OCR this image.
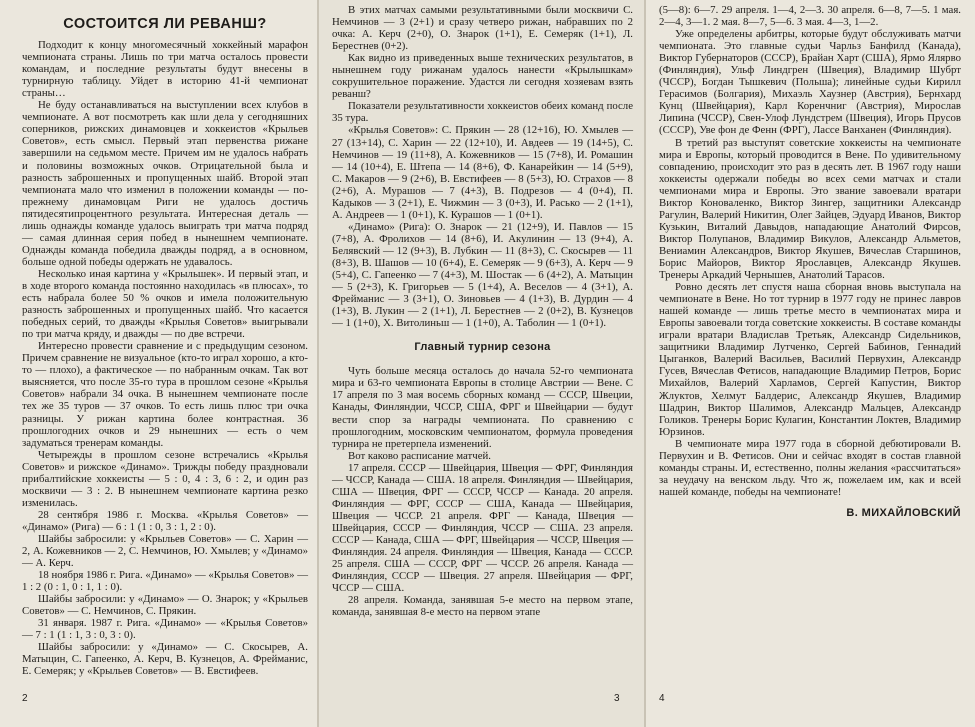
СОСТОИТСЯ ЛИ РЕВАНШ?

Подходит к концу многомесячный хоккейный марафон чемпионата страны. Лишь по три матча осталось провести командам, и последние результаты будут внесены в турнирную таблицу. Уйдет в историю 41-й чемпионат страны…

Не буду останавливаться на выступлении всех клубов в чемпионате. А вот посмотреть как шли дела у сегодняшних соперников, рижских динамовцев и хоккеистов «Крыльев Советов», есть смысл. Первый этап первенства рижане завершили на седьмом месте. Причем им не удалось набрать и половины возможных очков. Отрицательной была и разность заброшенных и пропущенных шайб. Второй этап чемпионата мало что изменил в положении команды — по-прежнему динамовцам Риги не удалось достичь пятидесятипроцентного результата. Интересная деталь — лишь однажды команде удалось выиграть три матча подряд — самая длинная серия побед в нынешнем чемпионате. Однажды команда победила дважды подряд, а в основном, больше одной победы одержать не удавалось.

Несколько иная картина у «Крыльшек». И первый этап, и в ходе второго команда постоянно находилась «в плюсах», то есть набрала более 50 % очков и имела положительную разность заброшенных и пропущенных шайб. Что касается победных серий, то дважды «Крылья Советов» выигрывали по три матча кряду, и дважды — по две встречи.

Интересно провести сравнение и с предыдущим сезоном. Причем сравнение не визуальное (кто-то играл хорошо, а кто-то — плохо), а фактическое — по набранным очкам. Так вот выясняется, что после 35-го тура в прошлом сезоне «Крылья Советов» набрали 34 очка. В нынешнем чемпионате после тех же 35 туров — 37 очков. То есть лишь плюс три очка разницы. У рижан картина более контрастная. 36 прошлогодних очков и 29 нынешних — есть о чем задуматься тренерам команды.

Четырежды в прошлом сезоне встречались «Крылья Советов» и рижское «Динамо». Трижды победу праздновали прибалтийские хоккеисты — 5 : 0, 4 : 3, 6 : 2, и один раз москвичи — 3 : 2. В нынешнем чемпионате картина резко изменилась.

28 сентября 1986 г. Москва. «Крылья Советов» — «Динамо» (Рига) — 6 : 1 (1 : 0, 3 : 1, 2 : 0).

Шайбы забросили: у «Крыльев Советов» — С. Харин — 2, А. Кожевников — 2, С. Немчинов, Ю. Хмылев; у «Динамо» — А. Керч.

18 ноября 1986 г. Рига. «Динамо» — «Крылья Советов» — 1 : 2 (0 : 1, 0 : 1, 1 : 0).

Шайбы забросили: у «Динамо» — О. Знарок; у «Крыльев Советов» — С. Немчинов, С. Прякин.

31 января. 1987 г. Рига. «Динамо» — «Крылья Советов» — 7 : 1 (1 : 1, 3 : 0, 3 : 0).

Шайбы забросили: у «Динамо» — С. Скосырев, А. Матыцин, С. Гапеенко, А. Керч, В. Кузнецов, А. Фрейманис, Е. Семеряк; у «Крыльев Советов» — В. Евстифеев.

2

В этих матчах самыми результативными были москвичи С. Немчинов — 3 (2+1) и сразу четверо рижан, набравших по 2 очка: А. Керч (2+0), О. Знарок (1+1), Е. Семеряк (1+1), Л. Берестнев (0+2).

Как видно из приведенных выше технических результатов, в нынешнем году рижанам удалось нанести «Крылышкам» сокрушительное поражение. Удастся ли сегодня хозяевам взять реванш?

Показатели результативности хоккеистов обеих команд после 35 тура.

«Крылья Советов»: С. Прякин — 28 (12+16), Ю. Хмылев — 27 (13+14), С. Харин — 22 (12+10), И. Авдеев — 19 (14+5), С. Немчинов — 19 (11+8), А. Кожевников — 15 (7+8), И. Ромашин — 14 (10+4), Е. Штепа — 14 (8+6), Ф. Канарейкин — 14 (5+9), С. Макаров — 9 (2+6), В. Евстифеев — 8 (5+3), Ю. Страхов — 8 (2+6), А. Мурашов — 7 (4+3), В. Подрезов — 4 (0+4), П. Кадыков — 3 (2+1), Е. Чижмин — 3 (0+3), И. Расько — 2 (1+1), А. Андреев — 1 (0+1), К. Курашов — 1 (0+1).

«Динамо» (Рига): О. Знарок — 21 (12+9), И. Павлов — 15 (7+8), А. Фролихов — 14 (8+6), И. Акулинин — 13 (9+4), А. Белявский — 12 (9+3), В. Лубкин — 11 (8+3), С. Скосырев — 11 (8+3), В. Шашов — 10 (6+4), Е. Семеряк — 9 (6+3), А. Керч — 9 (5+4), С. Гапеенко — 7 (4+3), М. Шостак — 6 (4+2), А. Матыцин — 5 (2+3), К. Григорьев — 5 (1+4), А. Веселов — 4 (3+1), А. Фрейманис — 3 (3+1), О. Зиновьев — 4 (1+3), В. Дурдин — 4 (1+3), В. Лукин — 2 (1+1), Л. Берестнев — 2 (0+2), В. Кузнецов — 1 (1+0), Х. Витолиньш — 1 (1+0), А. Таболин — 1 (0+1).

Главный турнир сезона

Чуть больше месяца осталось до начала 52-го чемпионата мира и 63-го чемпионата Европы в столице Австрии — Вене. С 17 апреля по 3 мая восемь сборных команд — СССР, Швеции, Канады, Финляндии, ЧССР, США, ФРГ и Швейцарии — будут вести спор за награды чемпионата. По сравнению с прошлогодним, московским чемпионатом, формула проведения турнира не претерпела изменений.

Вот каково расписание матчей.

17 апреля. СССР — Швейцария, Швеция — ФРГ, Финляндия — ЧССР, Канада — США. 18 апреля. Финляндия — Швейцария, США — Швеция, ФРГ — СССР, ЧССР — Канада. 20 апреля. Финляндия — ФРГ, СССР — США, Канада — Швейцария, Швеция — ЧССР. 21 апреля. ФРГ — Канада, Швеция — Швейцария, СССР — Финляндия, ЧССР — США. 23 апреля. СССР — Канада, США — ФРГ, Швейцария — ЧССР, Швеция — Финляндия. 24 апреля. Финляндия — Швеция, Канада — СССР. 25 апреля. США — СССР, ФРГ — ЧССР. 26 апреля. Канада — Финляндия, СССР — Швеция. 27 апреля. Швейцария — ФРГ, ЧССР — США.

28 апреля. Команда, занявшая 5-е место на первом этапе, команда, занявшая 8-е место на первом этапе

3

(5—8): 6—7. 29 апреля. 1—4, 2—3. 30 апреля. 6—8, 7—5. 1 мая. 2—4, 3—1. 2 мая. 8—7, 5—6. 3 мая. 4—3, 1—2.

Уже определены арбитры, которые будут обслуживать матчи чемпионата. Это главные судьи Чарльз Банфилд (Канада), Виктор Губернаторов (СССР), Брайан Харт (США), Ярмо Ялярво (Финляндия), Ульф Линдгрен (Швеция), Владимир Шубрт (ЧССР), Богдан Тышкевич (Польша); линейные судьи Кирилл Герасимов (Болгария), Михаэль Хаузнер (Австрия), Бернхард Кунц (Швейцария), Карл Коренчниг (Австрия), Мирослав Липина (ЧССР), Свен-Улоф Лундстрем (Швеция), Игорь Прусов (СССР), Уве фон де Фенн (ФРГ), Лассе Ванханен (Финляндия).

В третий раз выступят советские хоккеисты на чемпионате мира и Европы, который проводится в Вене. По удивительному совпадению, происходит это раз в десять лет. В 1967 году наши хоккеисты одержали победы во всех семи матчах и стали чемпионами мира и Европы. Это звание завоевали вратари Виктор Коноваленко, Виктор Зингер, защитники Александр Рагулин, Валерий Никитин, Олег Зайцев, Эдуард Иванов, Виктор Кузькин, Виталий Давыдов, нападающие Анатолий Фирсов, Виктор Полупанов, Владимир Викулов, Александр Альметов, Вениамин Александров, Виктор Якушев, Вячеслав Старшинов, Борис Майоров, Виктор Ярославцев, Александр Якушев. Тренеры Аркадий Чернышев, Анатолий Тарасов.

Ровно десять лет спустя наша сборная вновь выступала на чемпионате в Вене. Но тот турнир в 1977 году не принес лавров нашей команде — лишь третье место в чемпионатах мира и Европы завоевали тогда советские хоккеисты. В составе команды играли вратари Владислав Третьяк, Александр Сидельников, защитники Владимир Лутченко, Сергей Бабинов, Геннадий Цыганков, Валерий Васильев, Василий Первухин, Александр Гусев, Вячеслав Фетисов, нападающие Владимир Петров, Борис Михайлов, Валерий Харламов, Сергей Капустин, Виктор Жлуктов, Хелмут Балдерис, Александр Якушев, Владимир Шадрин, Виктор Шалимов, Александр Мальцев, Александр Голиков. Тренеры Борис Кулагин, Константин Локтев, Владимир Юрзинов.

В чемпионате мира 1977 года в сборной дебютировали В. Первухин и В. Фетисов. Они и сейчас входят в состав главной команды страны. И, естественно, полны желания «рассчитаться» за неудачу на венском льду. Что ж, пожелаем им, как и всей нашей команде, победы на чемпионате!

В. МИХАЙЛОВСКИЙ
4
